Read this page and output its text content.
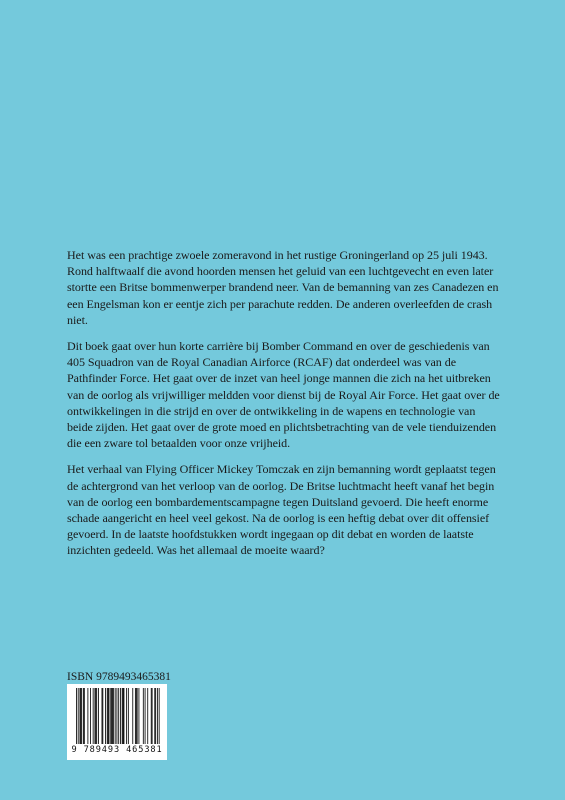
Het was een prachtige zwoele zomeravond in het rustige Groningerland op 25 juli 1943. Rond halftwaalf die avond hoorden mensen het geluid van een luchtgevecht en even later stortte een Britse bommenwerper brandend neer. Van de bemanning van zes Canadezen en een Engelsman kon er eentje zich per parachute redden. De anderen overleefden de crash niet.

Dit boek gaat over hun korte carrière bij Bomber Command en over de geschiedenis van 405 Squadron van de Royal Canadian Airforce (RCAF) dat onderdeel was van de Pathfinder Force. Het gaat over de inzet van heel jonge mannen die zich na het uitbreken van de oorlog als vrijwilliger meldden voor dienst bij de Royal Air Force. Het gaat over de ontwikkelingen in die strijd en over de ontwikkeling in de wapens en technologie van beide zijden. Het gaat over de grote moed en plichtsbetrachting van de vele tienduizenden die een zware tol betaalden voor onze vrijheid.

Het verhaal van Flying Officer Mickey Tomczak en zijn bemanning wordt geplaatst tegen de achtergrond van het verloop van de oorlog. De Britse luchtmacht heeft vanaf het begin van de oorlog een bombardementscampagne tegen Duitsland gevoerd. Die heeft enorme schade aangericht en heel veel gekost. Na de oorlog is een heftig debat over dit offensief gevoerd. In de laatste hoofdstukken wordt ingegaan op dit debat en worden de laatste inzichten gedeeld. Was het allemaal de moeite waard?

ISBN 9789493465381

9 789493 465381
